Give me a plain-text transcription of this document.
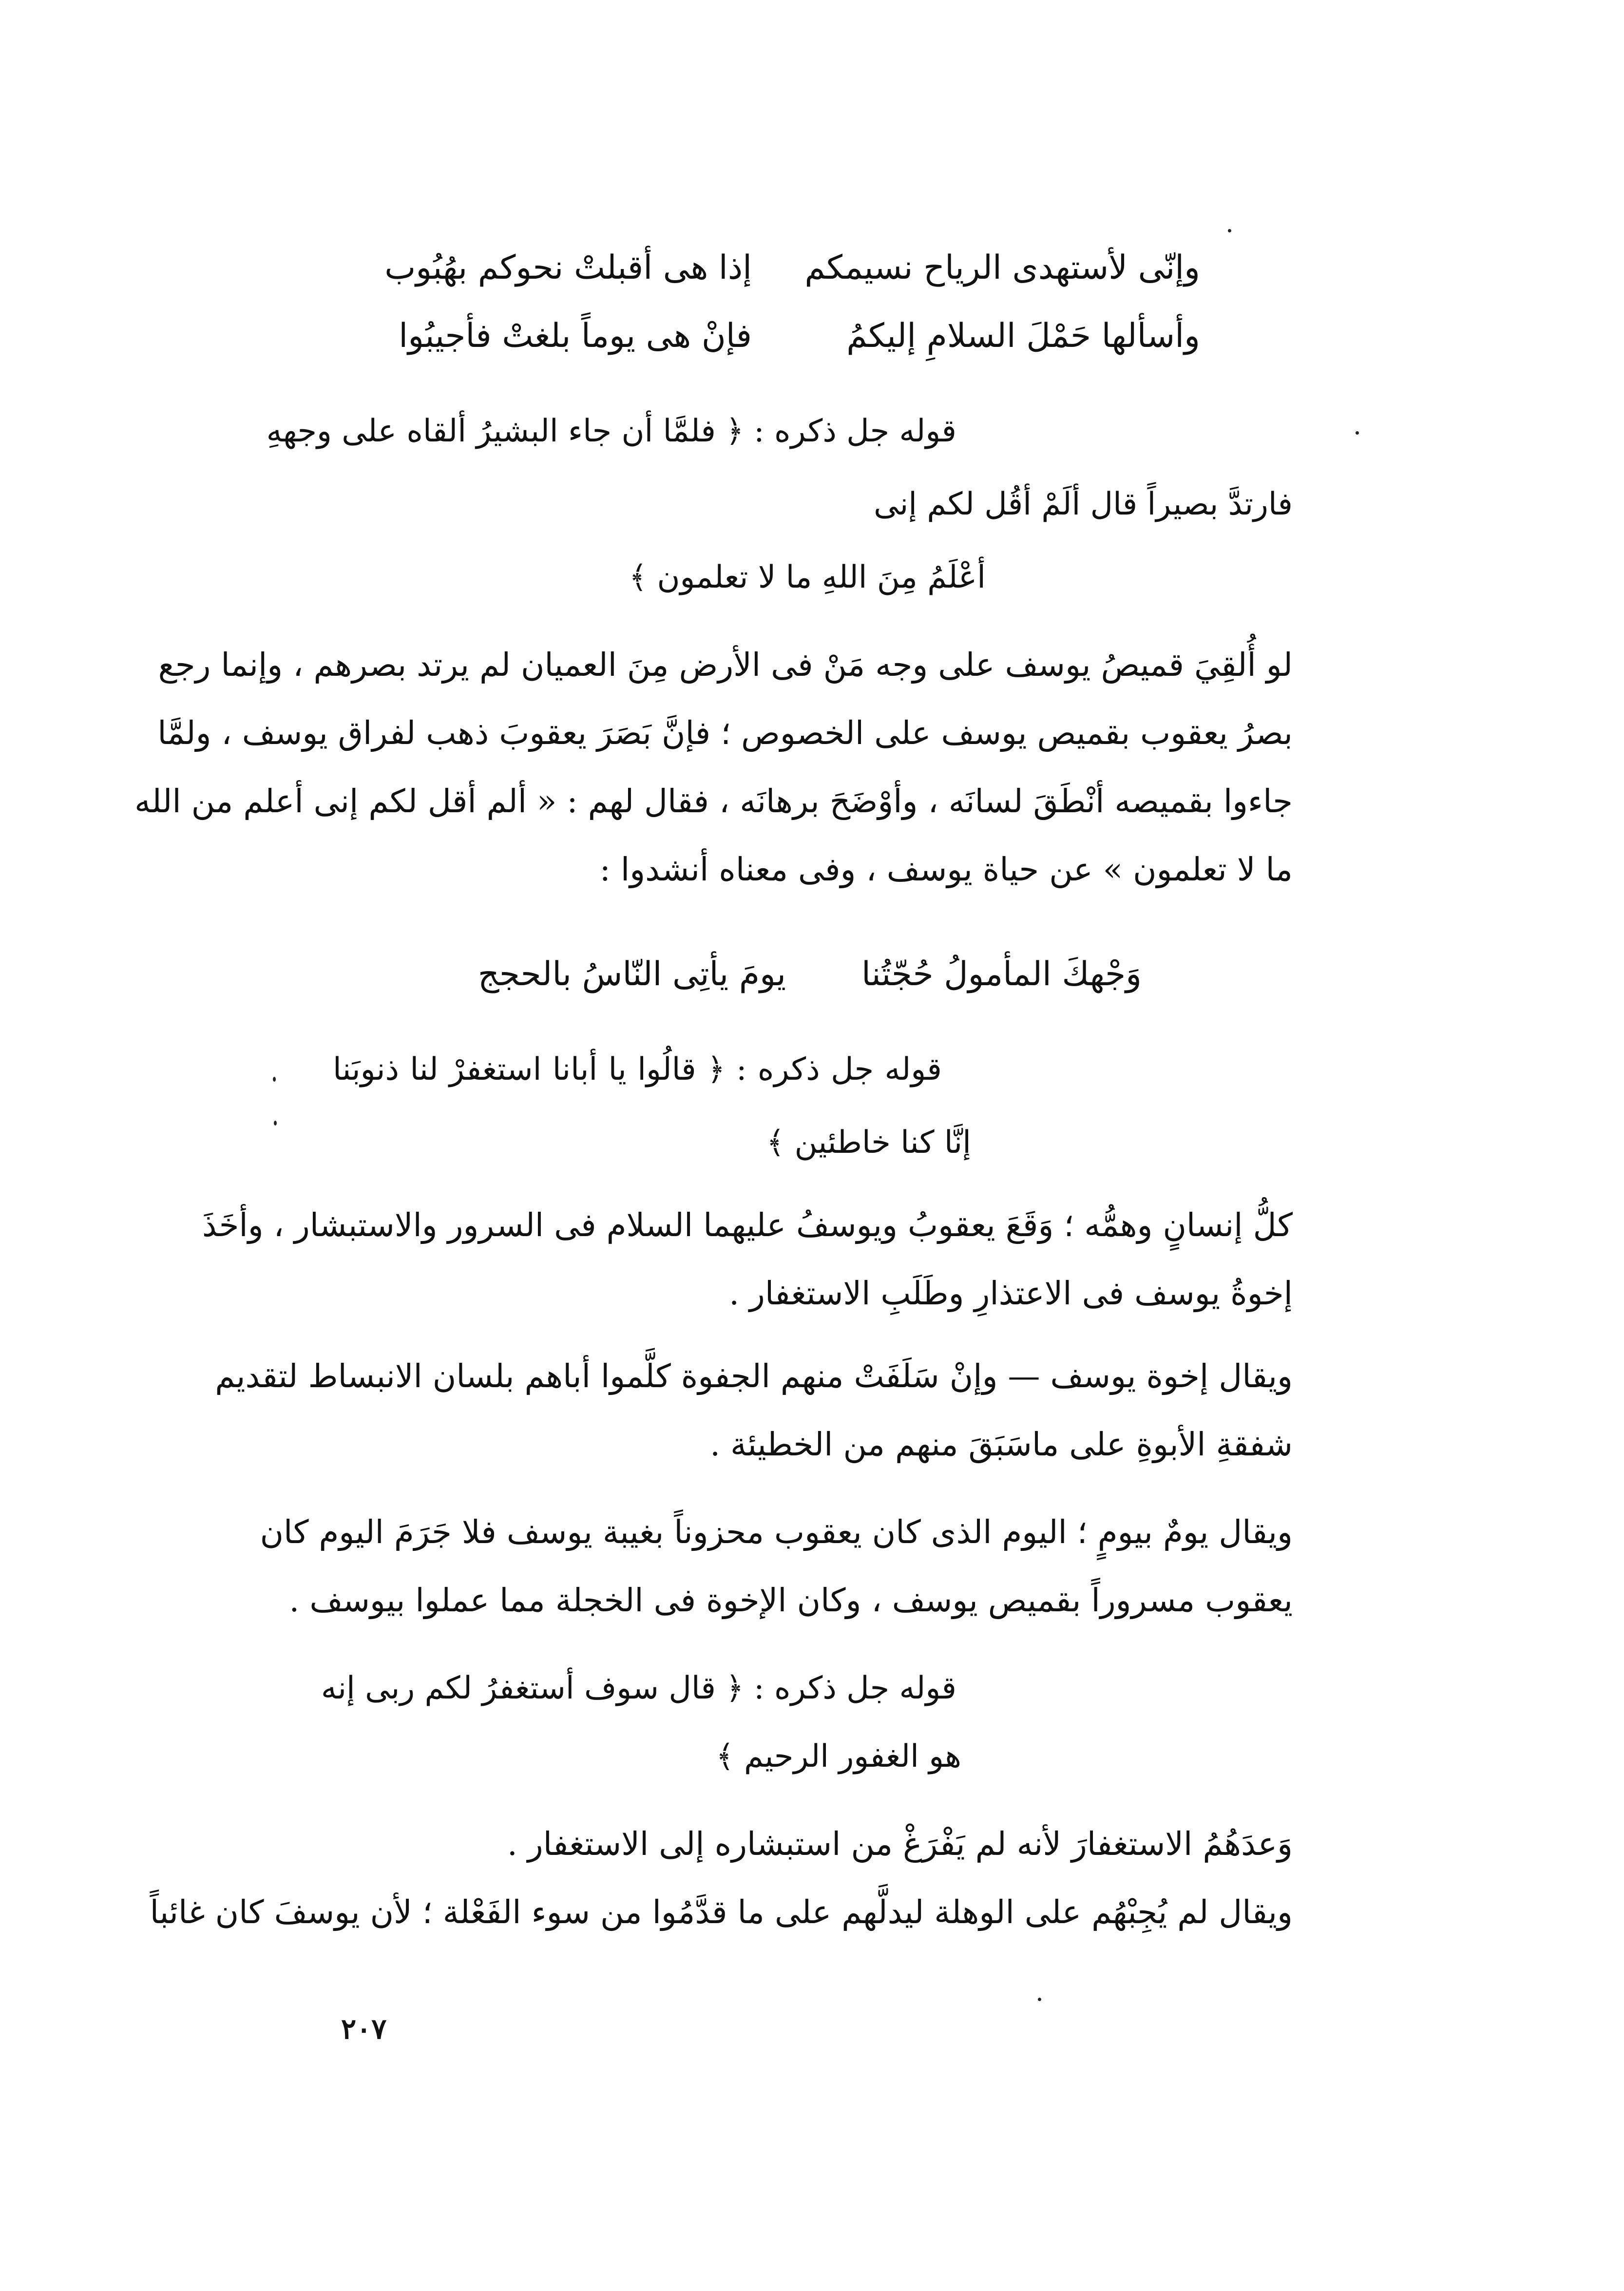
وإنّى لأستهدى الرياح نسيمكم
إذا هى أقبلتْ نحوكم بهُبُوب
وأسألها حَمْلَ السلامِ إليكمُ
فإنْ هى يوماً بلغتْ فأجيبُوا
قوله جل ذكره : ﴿ فلمَّا أن جاء البشيرُ ألقاه على وجههِ
فارتدَّ بصيراً قال ألَمْ أقُل لكم إنى
أعْلَمُ مِنَ اللهِ ما لا تعلمون ﴾
لو أُلقِيَ قميصُ يوسف على وجه مَنْ فى الأرض مِنَ العميان لم يرتد بصرهم ، وإنما رجع
بصرُ يعقوب بقميص يوسف على الخصوص ؛ فإنَّ بَصَرَ يعقوبَ ذهب لفراق يوسف ، ولمَّا
جاءوا بقميصه أنْطَقَ لسانَه ، وأوْضَحَ برهانَه ، فقال لهم : « ألم أقل لكم إنى أعلم من الله
ما لا تعلمون » عن حياة يوسف ، وفى معناه أنشدوا :
وَجْهكَ المأمولُ حُجّتُنا
يومَ يأتِى النّاسُ بالحجج
قوله جل ذكره : ﴿ قالُوا يا أبانا استغفرْ لنا ذنوبَنا
إنَّا كنا خاطئين ﴾
كلُّ إنسانٍ وهمُّه ؛ وَقَعَ يعقوبُ ويوسفُ عليهما السلام فى السرور والاستبشار ، وأخَذَ
إخوةُ يوسف فى الاعتذارِ وطَلَبِ الاستغفار .
ويقال إخوة يوسف — وإنْ سَلَفَتْ منهم الجفوة كلَّموا أباهم بلسان الانبساط لتقديم
شفقةِ الأبوةِ على ماسَبَقَ منهم من الخطيئة .
ويقال يومٌ بيومٍ ؛ اليوم الذى كان يعقوب محزوناً بغيبة يوسف فلا جَرَمَ اليوم كان
يعقوب مسروراً بقميص يوسف ، وكان الإخوة فى الخجلة مما عملوا بيوسف .
قوله جل ذكره : ﴿ قال سوف أستغفرُ لكم ربى إنه
هو الغفور الرحيم ﴾
وَعدَهُمُ الاستغفارَ لأنه لم يَفْرَغْ من استبشاره إلى الاستغفار .
ويقال لم يُجِبْهُم على الوهلة ليدلَّهم على ما قدَّمُوا من سوء الفَعْلة ؛ لأن يوسفَ كان غائباً
٢٠٧
